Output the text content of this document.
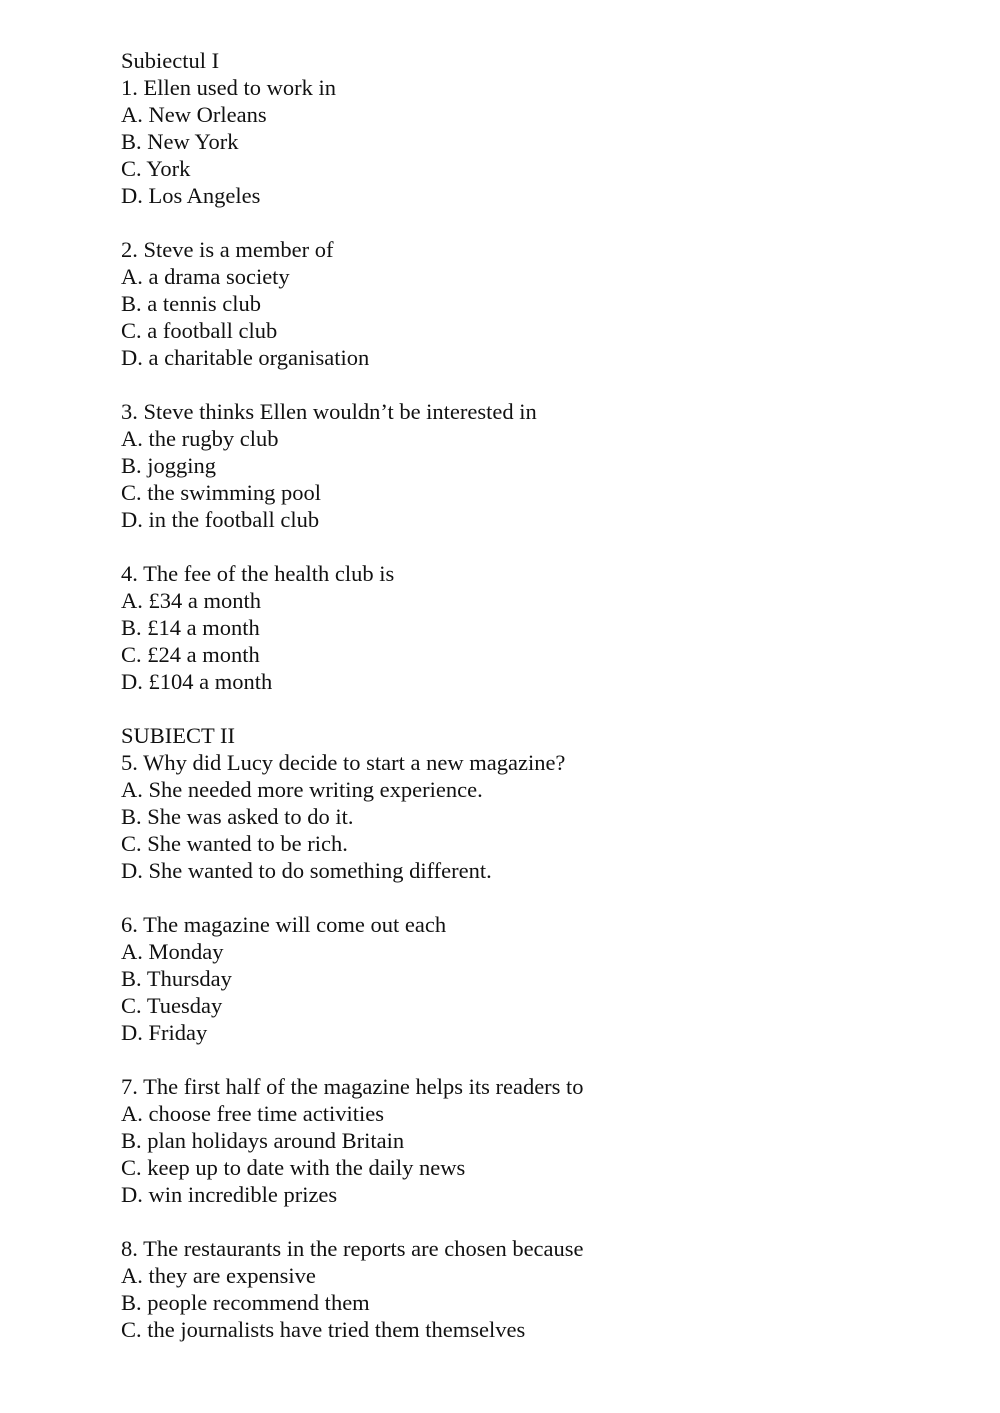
Subiectul I
1. Ellen used to work in
A. New Orleans
B. New York
C. York
D. Los Angeles
2. Steve is a member of
A. a drama society
B. a tennis club
C. a football club
D. a charitable organisation
3. Steve thinks Ellen wouldn’t be interested in
A. the rugby club
B. jogging
C. the swimming pool
D. in the football club
4. The fee of the health club is
A. £34 a month
B. £14 a month
C. £24 a month
D. £104 a month
SUBIECT II
5. Why did Lucy decide to start a new magazine?
A. She needed more writing experience.
B. She was asked to do it.
C. She wanted to be rich.
D. She wanted to do something different.
6. The magazine will come out each
A. Monday
B. Thursday
C. Tuesday
D. Friday
7. The first half of the magazine helps its readers to
A. choose free time activities
B. plan holidays around Britain
C. keep up to date with the daily news
D. win incredible prizes
8. The restaurants in the reports are chosen because
A. they are expensive
B. people recommend them
C. the journalists have tried them themselves
